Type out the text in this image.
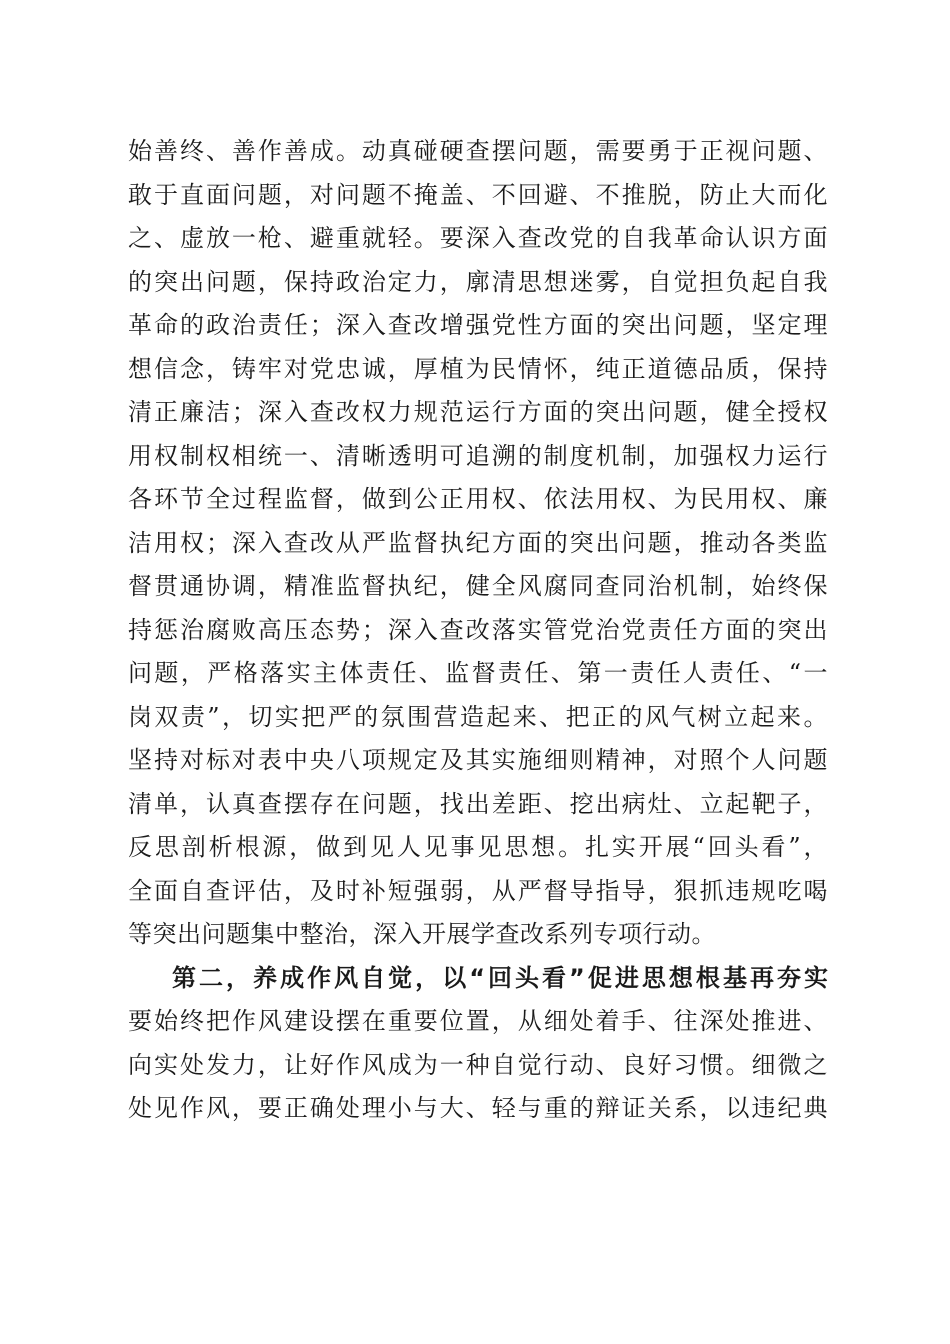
始善终、善作善成。动真碰硬查摆问题，需要勇于正视问题、
敢于直面问题，对问题不掩盖、不回避、不推脱，防止大而化
之、虚放一枪、避重就轻。要深入查改党的自我革命认识方面
的突出问题，保持政治定力，廓清思想迷雾，自觉担负起自我
革命的政治责任；深入查改增强党性方面的突出问题，坚定理
想信念，铸牢对党忠诚，厚植为民情怀，纯正道德品质，保持
清正廉洁；深入查改权力规范运行方面的突出问题，健全授权
用权制权相统一、清晰透明可追溯的制度机制，加强权力运行
各环节全过程监督，做到公正用权、依法用权、为民用权、廉
洁用权；深入查改从严监督执纪方面的突出问题，推动各类监
督贯通协调，精准监督执纪，健全风腐同查同治机制，始终保
持惩治腐败高压态势；深入查改落实管党治党责任方面的突出
问题，严格落实主体责任、监督责任、第一责任人责任、“一
岗双责”，切实把严的氛围营造起来、把正的风气树立起来。
坚持对标对表中央八项规定及其实施细则精神，对照个人问题
清单，认真查摆存在问题，找出差距、挖出病灶、立起靶子，
反思剖析根源，做到见人见事见思想。扎实开展“回头看”，
全面自查评估，及时补短强弱，从严督导指导，狠抓违规吃喝
等突出问题集中整治，深入开展学查改系列专项行动。
第二，养成作风自觉，以“回头看”促进思想根基再夯实
要始终把作风建设摆在重要位置，从细处着手、往深处推进、
向实处发力，让好作风成为一种自觉行动、良好习惯。细微之
处见作风，要正确处理小与大、轻与重的辩证关系，以违纪典
